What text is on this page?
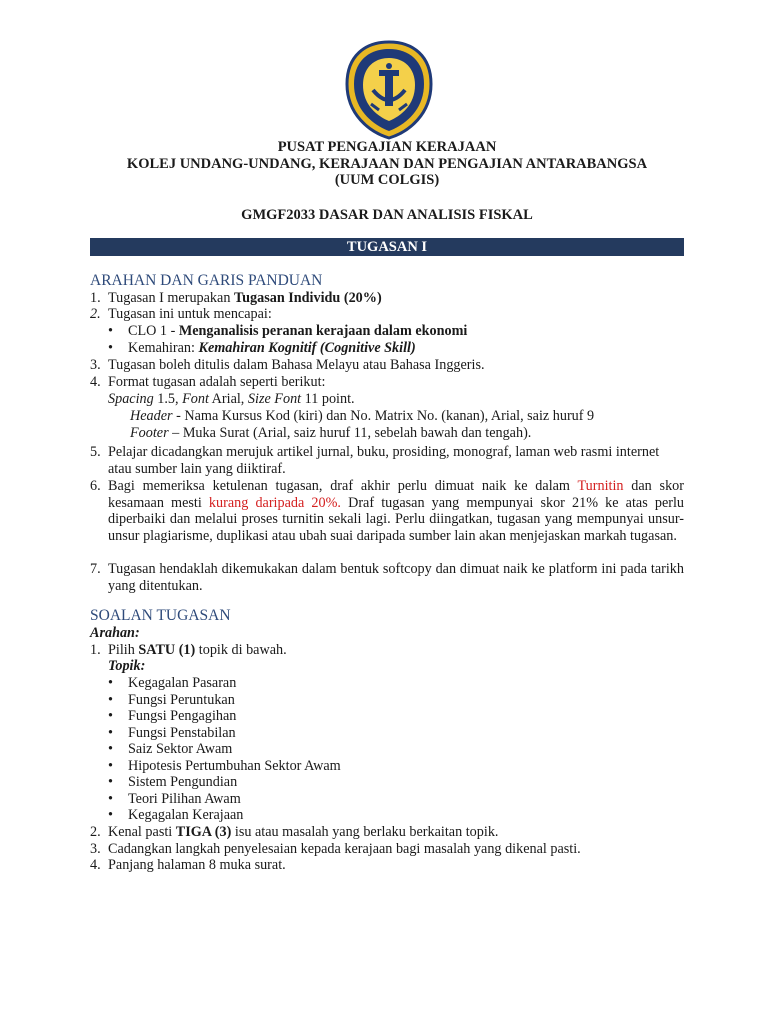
PUSAT PENGAJIAN KERAJAAN
KOLEJ UNDANG-UNDANG, KERAJAAN DAN PENGAJIAN ANTARABANGSA
(UUM COLGIS)
GMGF2033 DASAR DAN ANALISIS FISKAL
TUGASAN I
ARAHAN DAN GARIS PANDUAN
1. Tugasan I merupakan Tugasan Individu (20%)
2. Tugasan ini untuk mencapai:
• CLO 1 - Menganalisis peranan kerajaan dalam ekonomi
• Kemahiran: Kemahiran Kognitif (Cognitive Skill)
3. Tugasan boleh ditulis dalam Bahasa Melayu atau Bahasa Inggeris.
4. Format tugasan adalah seperti berikut:
Spacing 1.5, Font Arial, Size Font 11 point.
Header - Nama Kursus Kod (kiri) dan No. Matrix No. (kanan), Arial, saiz huruf 9
Footer – Muka Surat (Arial, saiz huruf 11, sebelah bawah dan tengah).
5. Pelajar dicadangkan merujuk artikel jurnal, buku, prosiding, monograf, laman web rasmi internet
atau sumber lain yang diiktiraf.
6. Bagi memeriksa ketulenan tugasan, draf akhir perlu dimuat naik ke dalam Turnitin dan skor kesamaan mesti kurang daripada 20%. Draf tugasan yang mempunyai skor 21% ke atas perlu diperbaiki dan melalui proses turnitin sekali lagi. Perlu diingatkan, tugasan yang mempunyai unsur-unsur plagiarisme, duplikasi atau ubah suai daripada sumber lain akan menjejaskan markah tugasan.
7. Tugasan hendaklah dikemukakan dalam bentuk softcopy dan dimuat naik ke platform ini pada tarikh yang ditentukan.
SOALAN TUGASAN
Arahan:
1. Pilih SATU (1) topik di bawah.
Topik:
• Kegagalan Pasaran
• Fungsi Peruntukan
• Fungsi Pengagihan
• Fungsi Penstabilan
• Saiz Sektor Awam
• Hipotesis Pertumbuhan Sektor Awam
• Sistem Pengundian
• Teori Pilihan Awam
• Kegagalan Kerajaan
2. Kenal pasti TIGA (3) isu atau masalah yang berlaku berkaitan topik.
3. Cadangkan langkah penyelesaian kepada kerajaan bagi masalah yang dikenal pasti.
4. Panjang halaman 8 muka surat.
